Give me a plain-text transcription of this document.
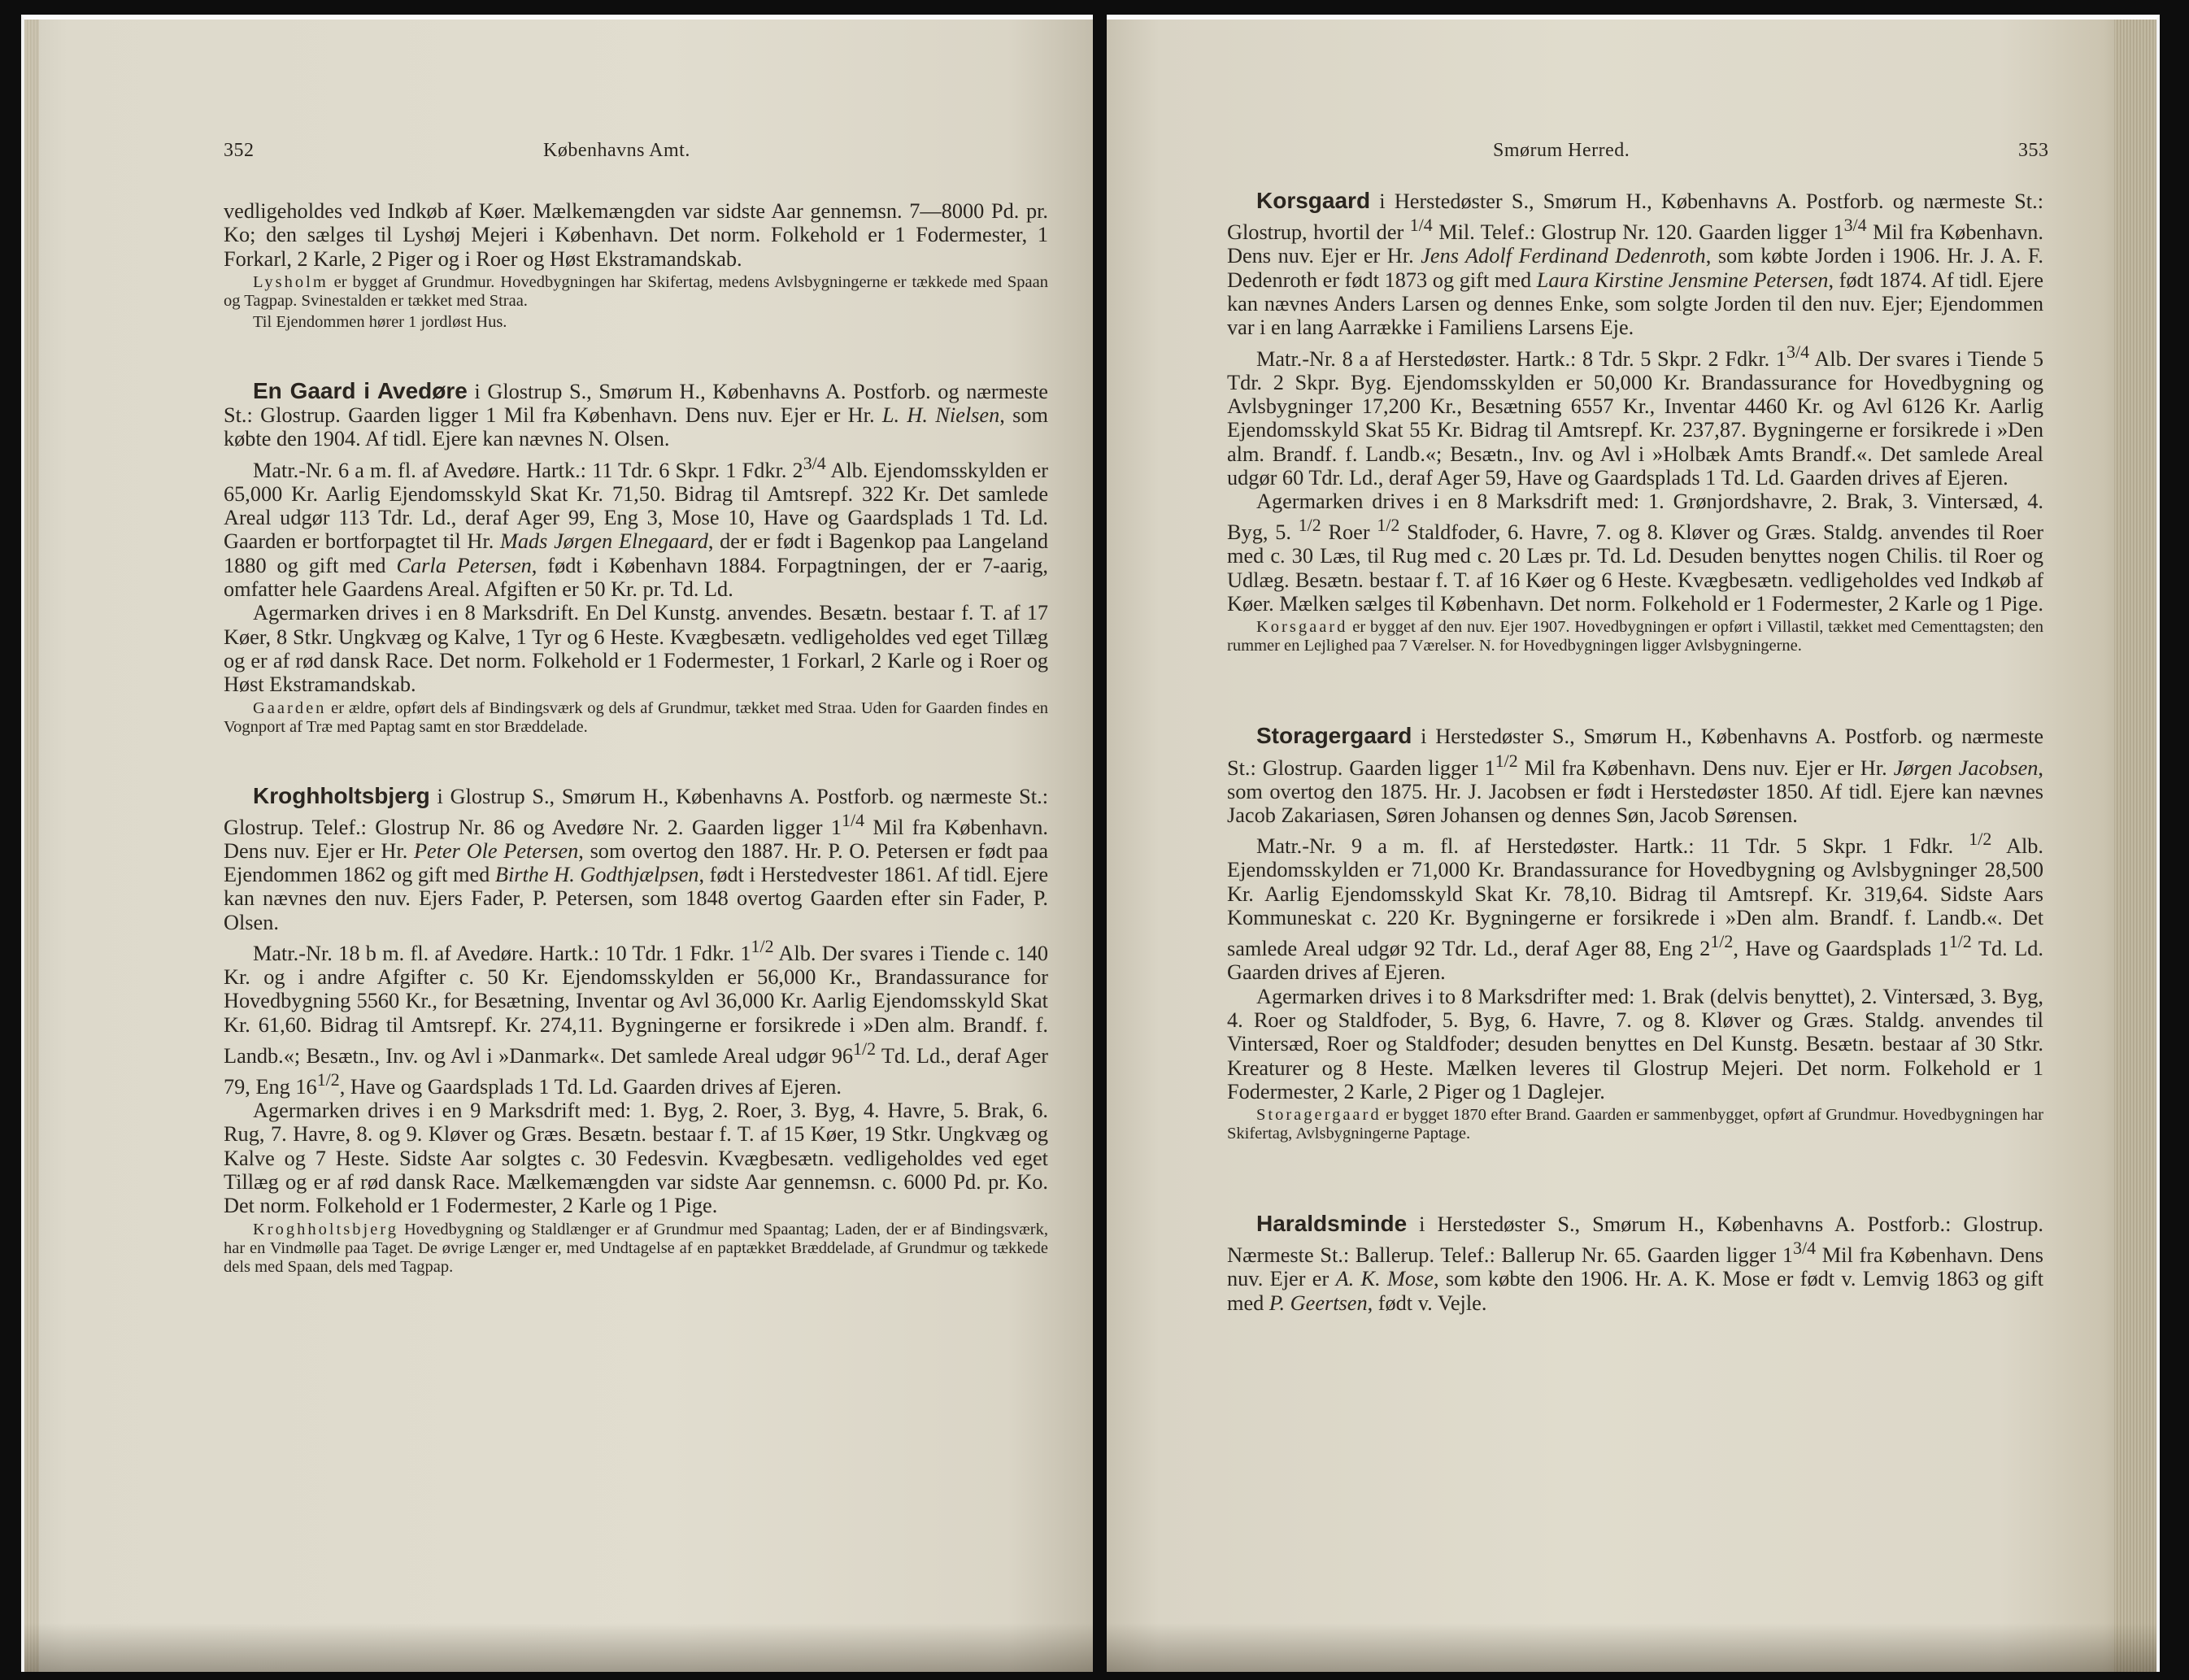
352	Københavns Amt.

vedligeholdes ved Indkøb af Køer. Mælkemængden var sidste Aar gennemsn. 7—8000 Pd. pr. Ko; den sælges til Lyshøj Mejeri i København. Det norm. Folkehold er 1 Fodermester, 1 Forkarl, 2 Karle, 2 Piger og i Roer og Høst Ekstramandskab.

Lysholm er bygget af Grundmur. Hovedbygningen har Skifertag, medens Avlsbygningerne er tækkede med Spaan og Tagpap. Svinestalden er tækket med Straa.

Til Ejendommen hører 1 jordløst Hus.

En Gaard i Avedøre i Glostrup S., Smørum H., Københavns A. Postforb. og nærmeste St.: Glostrup. Gaarden ligger 1 Mil fra København. Dens nuv. Ejer er Hr. L. H. Nielsen, som købte den 1904. Af tidl. Ejere kan nævnes N. Olsen.

Matr.-Nr. 6 a m. fl. af Avedøre. Hartk.: 11 Tdr. 6 Skpr. 1 Fdkr. $2^{3/4}$ Alb. Ejendomsskylden er 65,000 Kr. Aarlig Ejendomsskyld Skat Kr. 71,50. Bidrag til Amtsrepf. 322 Kr. Det samlede Areal udgør 113 Tdr. Ld., deraf Ager 99, Eng 3, Mose 10, Have og Gaardsplads 1 Td. Ld. Gaarden er bortforpagtet til Hr. Mads Jørgen Elnegaard, der er født i Bagenkop paa Langeland 1880 og gift med Carla Petersen, født i København 1884. Forpagtningen, der er 7-aarig, omfatter hele Gaardens Areal. Afgiften er 50 Kr. pr. Td. Ld.

Agermarken drives i en 8 Marksdrift. En Del Kunstg. anvendes. Besætn. bestaar f. T. af 17 Køer, 8 Stkr. Ungkvæg og Kalve, 1 Tyr og 6 Heste. Kvægbesætn. vedligeholdes ved eget Tillæg og er af rød dansk Race. Det norm. Folkehold er 1 Fodermester, 1 Forkarl, 2 Karle og i Roer og Høst Ekstramandskab.

Gaarden er ældre, opført dels af Bindingsværk og dels af Grundmur, tækket med Straa. Uden for Gaarden findes en Vognport af Træ med Paptag samt en stor Bræddelade.

Kroghholtsbjerg i Glostrup S., Smørum H., Københavns A. Postforb. og nærmeste St.: Glostrup. Telef.: Glostrup Nr. 86 og Avedøre Nr. 2. Gaarden ligger $1^{1/4}$ Mil fra København. Dens nuv. Ejer er Hr. Peter Ole Petersen, som overtog den 1887. Hr. P. O. Petersen er født paa Ejendommen 1862 og gift med Birthe H. Godthjælpsen, født i Herstedvester 1861. Af tidl. Ejere kan nævnes den nuv. Ejers Fader, P. Petersen, som 1848 overtog Gaarden efter sin Fader, P. Olsen.

Matr.-Nr. 18 b m. fl. af Avedøre. Hartk.: 10 Tdr. 1 Fdkr. $1^{1/2}$ Alb. Der svares i Tiende c. 140 Kr. og i andre Afgifter c. 50 Kr. Ejendomsskylden er 56,000 Kr., Brandassurance for Hovedbygning 5560 Kr., for Besætning, Inventar og Avl 36,000 Kr. Aarlig Ejendomsskyld Skat Kr. 61,60. Bidrag til Amtsrepf. Kr. 274,11. Bygningerne er forsikrede i »Den alm. Brandf. f. Landb.«; Besætn., Inv. og Avl i »Danmark«. Det samlede Areal udgør $96^{1/2}$ Td. Ld., deraf Ager 79, Eng $16^{1/2}$, Have og Gaardsplads 1 Td. Ld. Gaarden drives af Ejeren.

Agermarken drives i en 9 Marksdrift med: 1. Byg, 2. Roer, 3. Byg, 4. Havre, 5. Brak, 6. Rug, 7. Havre, 8. og 9. Kløver og Græs. Besætn. bestaar f. T. af 15 Køer, 19 Stkr. Ungkvæg og Kalve og 7 Heste. Sidste Aar solgtes c. 30 Fedesvin. Kvægbesætn. vedligeholdes ved eget Tillæg og er af rød dansk Race. Mælkemængden var sidste Aar gennemsn. c. 6000 Pd. pr. Ko. Det norm. Folkehold er 1 Fodermester, 2 Karle og 1 Pige.

Kroghholtsbjerg Hovedbygning og Staldlænger er af Grundmur med Spaantag; Laden, der er af Bindingsværk, har en Vindmølle paa Taget. De øvrige Længer er, med Undtagelse af en paptækket Bræddelade, af Grundmur og tækkede dels med Spaan, dels med Tagpap.

Smørum Herred.	353

Korsgaard i Herstedøster S., Smørum H., Københavns A. Postforb. og nærmeste St.: Glostrup, hvortil der $^{1/4}$ Mil. Telef.: Glostrup Nr. 120. Gaarden ligger $1^{3/4}$ Mil fra København. Dens nuv. Ejer er Hr. Jens Adolf Ferdinand Dedenroth, som købte Jorden i 1906. Hr. J. A. F. Dedenroth er født 1873 og gift med Laura Kirstine Jensmine Petersen, født 1874. Af tidl. Ejere kan nævnes Anders Larsen og dennes Enke, som solgte Jorden til den nuv. Ejer; Ejendommen var i en lang Aarrække i Familiens Larsens Eje.

Matr.-Nr. 8 a af Herstedøster. Hartk.: 8 Tdr. 5 Skpr. 2 Fdkr. $1^{3/4}$ Alb. Der svares i Tiende 5 Tdr. 2 Skpr. Byg. Ejendomsskylden er 50,000 Kr. Brandassurance for Hovedbygning og Avlsbygninger 17,200 Kr., Besætning 6557 Kr., Inventar 4460 Kr. og Avl 6126 Kr. Aarlig Ejendomsskyld Skat 55 Kr. Bidrag til Amtsrepf. Kr. 237,87. Bygningerne er forsikrede i »Den alm. Brandf. f. Landb.«; Besætn., Inv. og Avl i »Holbæk Amts Brandf.«. Det samlede Areal udgør 60 Tdr. Ld., deraf Ager 59, Have og Gaardsplads 1 Td. Ld. Gaarden drives af Ejeren.

Agermarken drives i en 8 Marksdrift med: 1. Grønjordshavre, 2. Brak, 3. Vintersæd, 4. Byg, 5. $^{1/2}$ Roer $^{1/2}$ Staldfoder, 6. Havre, 7. og 8. Kløver og Græs. Staldg. anvendes til Roer med c. 30 Læs, til Rug med c. 20 Læs pr. Td. Ld. Desuden benyttes nogen Chilis. til Roer og Udlæg. Besætn. bestaar f. T. af 16 Køer og 6 Heste. Kvægbesætn. vedligeholdes ved Indkøb af Køer. Mælken sælges til København. Det norm. Folkehold er 1 Fodermester, 2 Karle og 1 Pige.

Korsgaard er bygget af den nuv. Ejer 1907. Hovedbygningen er opført i Villastil, tækket med Cementtagsten; den rummer en Lejlighed paa 7 Værelser. N. for Hovedbygningen ligger Avlsbygningerne.

Storagergaard i Herstedøster S., Smørum H., Københavns A. Postforb. og nærmeste St.: Glostrup. Gaarden ligger $1^{1/2}$ Mil fra København. Dens nuv. Ejer er Hr. Jørgen Jacobsen, som overtog den 1875. Hr. J. Jacobsen er født i Herstedøster 1850. Af tidl. Ejere kan nævnes Jacob Zakariasen, Søren Johansen og dennes Søn, Jacob Sørensen.

Matr.-Nr. 9 a m. fl. af Herstedøster. Hartk.: 11 Tdr. 5 Skpr. 1 Fdkr. $^{1/2}$ Alb. Ejendomsskylden er 71,000 Kr. Brandassurance for Hovedbygning og Avlsbygninger 28,500 Kr. Aarlig Ejendomsskyld Skat Kr. 78,10. Bidrag til Amtsrepf. Kr. 319,64. Sidste Aars Kommuneskat c. 220 Kr. Bygningerne er forsikrede i »Den alm. Brandf. f. Landb.«. Det samlede Areal udgør 92 Tdr. Ld., deraf Ager 88, Eng $2^{1/2}$, Have og Gaardsplads $1^{1/2}$ Td. Ld. Gaarden drives af Ejeren.

Agermarken drives i to 8 Marksdrifter med: 1. Brak (delvis benyttet), 2. Vintersæd, 3. Byg, 4. Roer og Staldfoder, 5. Byg, 6. Havre, 7. og 8. Kløver og Græs. Staldg. anvendes til Vintersæd, Roer og Staldfoder; desuden benyttes en Del Kunstg. Besætn. bestaar af 30 Stkr. Kreaturer og 8 Heste. Mælken leveres til Glostrup Mejeri. Det norm. Folkehold er 1 Fodermester, 2 Karle, 2 Piger og 1 Daglejer.

Storagergaard er bygget 1870 efter Brand. Gaarden er sammenbygget, opført af Grundmur. Hovedbygningen har Skifertag, Avlsbygningerne Paptage.

Haraldsminde i Herstedøster S., Smørum H., Københavns A. Postforb.: Glostrup. Nærmeste St.: Ballerup. Telef.: Ballerup Nr. 65. Gaarden ligger $1^{3/4}$ Mil fra København. Dens nuv. Ejer er A. K. Mose, som købte den 1906. Hr. A. K. Mose er født v. Lemvig 1863 og gift med P. Geertsen, født v. Vejle.
